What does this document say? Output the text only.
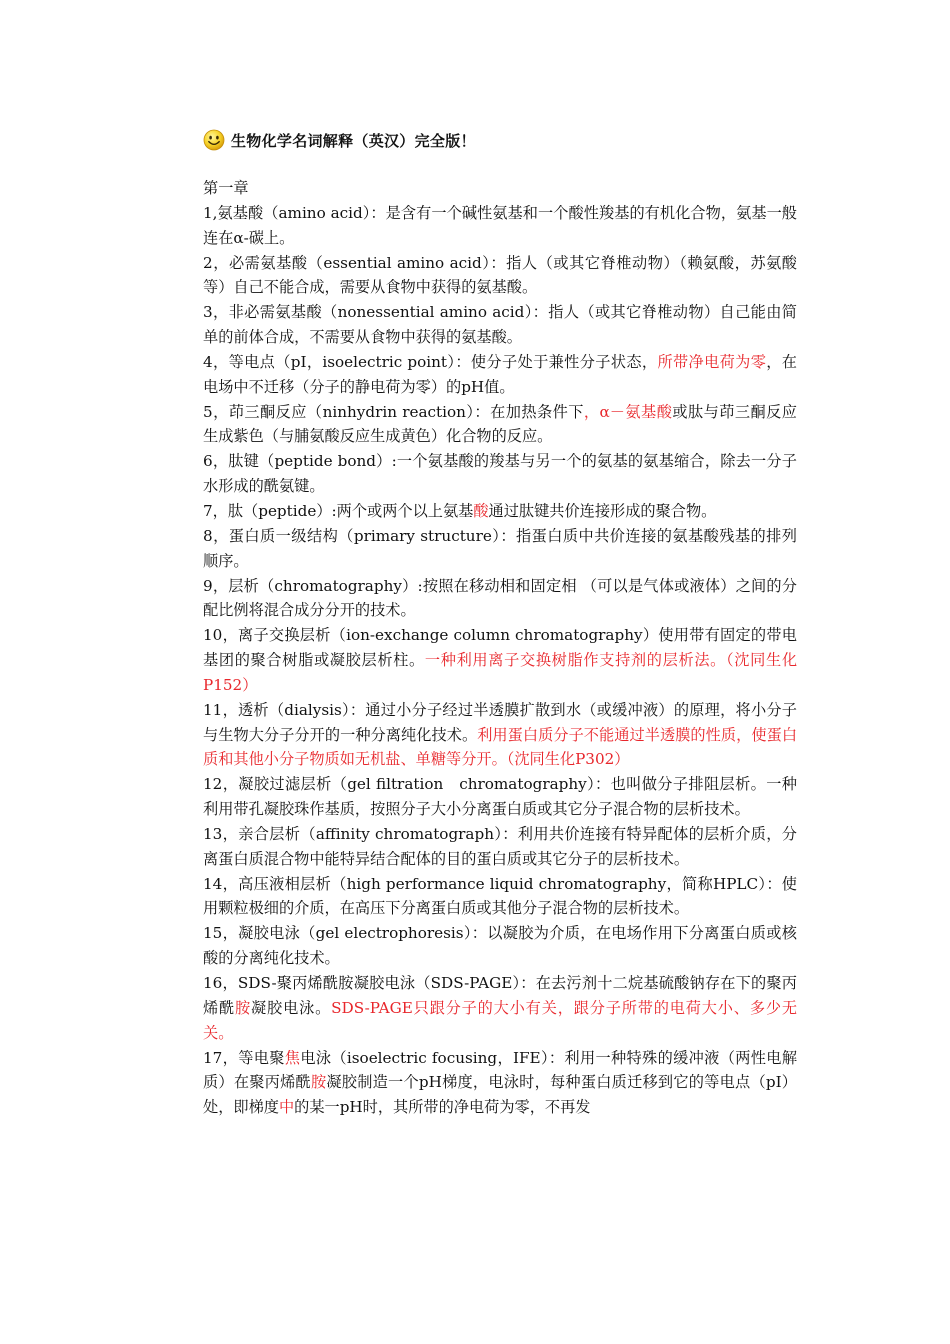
生物化学名词解释（英汉）完全版！

第一章

1,氨基酸（amino acid）：是含有一个碱性氨基和一个酸性羧基的有机化合物，氨基一般连在α-碳上。

2，必需氨基酸（essential amino acid）：指人（或其它脊椎动物）（赖氨酸，苏氨酸等）自己不能合成，需要从食物中获得的氨基酸。

3，非必需氨基酸（nonessential amino acid）：指人（或其它脊椎动物）自己能由简单的前体合成，不需要从食物中获得的氨基酸。

4，等电点（pI，isoelectric point）：使分子处于兼性分子状态，所带净电荷为零，在电场中不迁移（分子的静电荷为零）的pH值。

5，茚三酮反应（ninhydrin reaction）：在加热条件下，α－氨基酸或肽与茚三酮反应生成紫色（与脯氨酸反应生成黄色）化合物的反应。

6，肽键（peptide bond）:一个氨基酸的羧基与另一个的氨基的氨基缩合，除去一分子水形成的酰氨键。

7，肽（peptide）:两个或两个以上氨基酸通过肽键共价连接形成的聚合物。

8，蛋白质一级结构（primary structure）：指蛋白质中共价连接的氨基酸残基的排列顺序。

9，层析（chromatography）:按照在移动相和固定相 （可以是气体或液体）之间的分配比例将混合成分分开的技术。

10，离子交换层析（ion-exchange column chromatography）使用带有固定的带电基团的聚合树脂或凝胶层析柱。一种利用离子交换树脂作支持剂的层析法。（沈同生化P152）

11，透析（dialysis）：通过小分子经过半透膜扩散到水（或缓冲液）的原理，将小分子与生物大分子分开的一种分离纯化技术。利用蛋白质分子不能通过半透膜的性质，使蛋白质和其他小分子物质如无机盐、单糖等分开。（沈同生化P302）

12，凝胶过滤层析（gel filtration　chromatography）：也叫做分子排阻层析。一种利用带孔凝胶珠作基质，按照分子大小分离蛋白质或其它分子混合物的层析技术。

13，亲合层析（affinity chromatograph）：利用共价连接有特异配体的层析介质，分离蛋白质混合物中能特异结合配体的目的蛋白质或其它分子的层析技术。

14，高压液相层析（high performance liquid chromatography，简称HPLC）：使用颗粒极细的介质，在高压下分离蛋白质或其他分子混合物的层析技术。

15，凝胶电泳（gel electrophoresis）：以凝胶为介质，在电场作用下分离蛋白质或核酸的分离纯化技术。

16，SDS-聚丙烯酰胺凝胶电泳（SDS-PAGE）：在去污剂十二烷基硫酸钠存在下的聚丙烯酰胺凝胶电泳。SDS-PAGE只跟分子的大小有关，跟分子所带的电荷大小、多少无关。

17，等电聚焦电泳（isoelectric focusing，IFE）：利用一种特殊的缓冲液（两性电解质）在聚丙烯酰胺凝胶制造一个pH梯度，电泳时，每种蛋白质迁移到它的等电点（pI）处，即梯度中的某一pH时，其所带的净电荷为零，不再发
